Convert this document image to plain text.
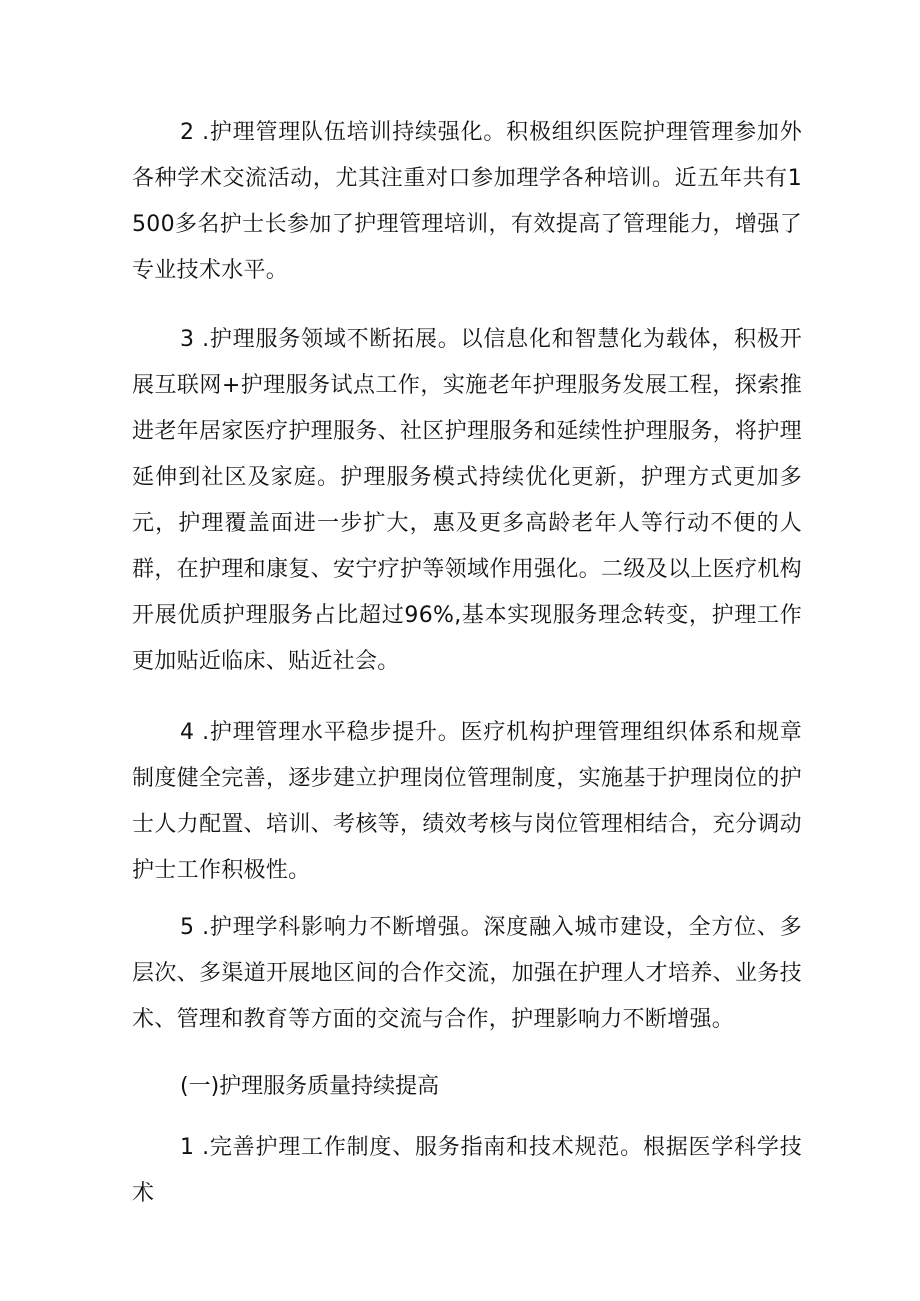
2 .护理管理队伍培训持续强化。积极组织医院护理管理参加外各种学术交流活动，尤其注重对口参加理学各种培训。近五年共有1500多名护士长参加了护理管理培训，有效提高了管理能力，增强了专业技术水平。

3 .护理服务领域不断拓展。以信息化和智慧化为载体，积极开展互联网+护理服务试点工作，实施老年护理服务发展工程，探索推进老年居家医疗护理服务、社区护理服务和延续性护理服务，将护理延伸到社区及家庭。护理服务模式持续优化更新，护理方式更加多元，护理覆盖面进一步扩大，惠及更多高龄老年人等行动不便的人群，在护理和康复、安宁疗护等领域作用强化。二级及以上医疗机构开展优质护理服务占比超过96%,基本实现服务理念转变，护理工作更加贴近临床、贴近社会。

4 .护理管理水平稳步提升。医疗机构护理管理组织体系和规章制度健全完善，逐步建立护理岗位管理制度，实施基于护理岗位的护士人力配置、培训、考核等，绩效考核与岗位管理相结合，充分调动护士工作积极性。

5 .护理学科影响力不断增强。深度融入城市建设，全方位、多层次、多渠道开展地区间的合作交流，加强在护理人才培养、业务技术、管理和教育等方面的交流与合作，护理影响力不断增强。

(一)护理服务质量持续提高

1 .完善护理工作制度、服务指南和技术规范。根据医学科学技术
